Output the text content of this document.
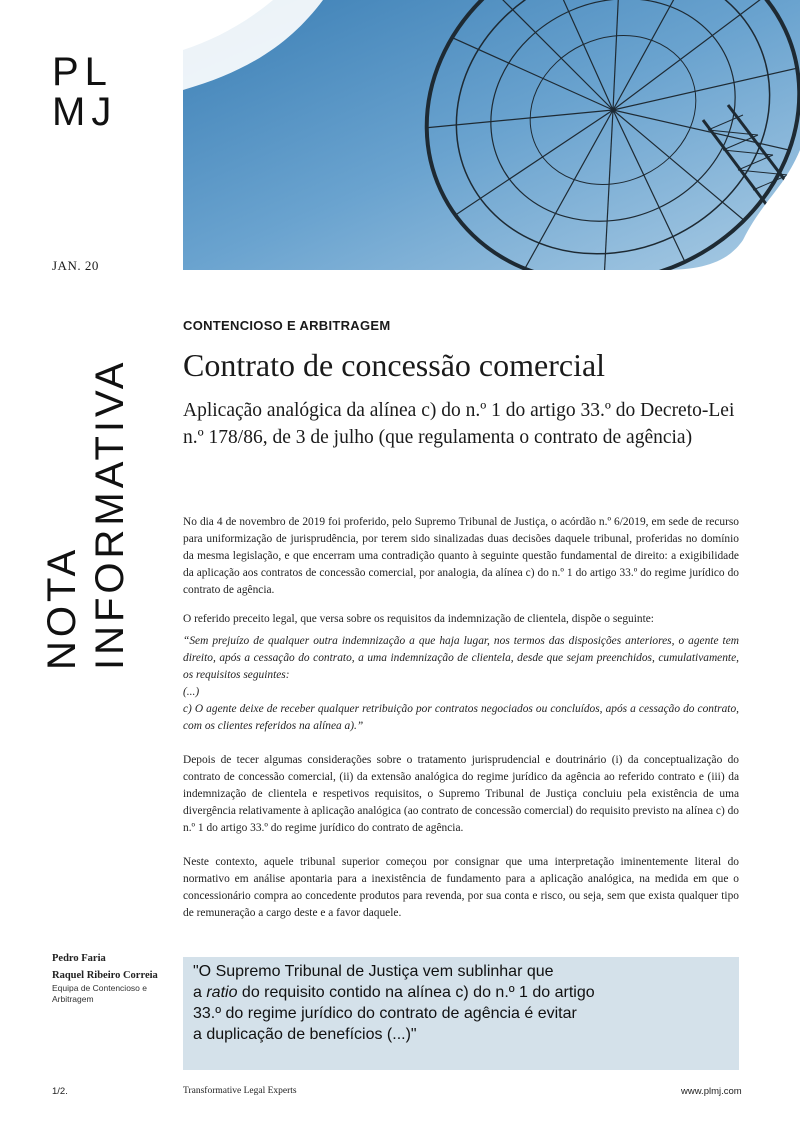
PL
MJ
JAN. 20
NOTA INFORMATIVA
CONTENCIOSO E ARBITRAGEM
Contrato de concessão comercial
Aplicação analógica da alínea c) do n.º 1 do artigo 33.º do Decreto-Lei n.º 178/86, de 3 de julho (que regulamenta o contrato de agência)

No dia 4 de novembro de 2019 foi proferido, pelo Supremo Tribunal de Justiça, o acórdão n.º 6/2019, em sede de recurso para uniformização de jurisprudência, por terem sido sinalizadas duas decisões daquele tribunal, proferidas no domínio da mesma legislação, e que encerram uma contradição quanto à seguinte questão fundamental de direito: a exigibilidade da aplicação aos contratos de concessão comercial, por analogia, da alínea c) do n.º 1 do artigo 33.º do regime jurídico do contrato de agência.

O referido preceito legal, que versa sobre os requisitos da indemnização de clientela, dispõe o seguinte:

“Sem prejuízo de qualquer outra indemnização a que haja lugar, nos termos das disposições anteriores, o agente tem direito, após a cessação do contrato, a uma indemnização de clientela, desde que sejam preenchidos, cumulativamente, os requisitos seguintes:

(...)

c) O agente deixe de receber qualquer retribuição por contratos negociados ou concluídos, após a cessação do contrato, com os clientes referidos na alínea a).”

Depois de tecer algumas considerações sobre o tratamento jurisprudencial e doutrinário (i) da conceptualização do contrato de concessão comercial, (ii) da extensão analógica do regime jurídico da agência ao referido contrato e (iii) da indemnização de clientela e respetivos requisitos, o Supremo Tribunal de Justiça concluiu pela existência de uma divergência relativamente à aplicação analógica (ao contrato de concessão comercial) do requisito previsto na alínea c) do n.º 1 do artigo 33.º do regime jurídico do contrato de agência.

Neste contexto, aquele tribunal superior começou por consignar que uma interpretação iminentemente literal do normativo em análise apontaria para a inexistência de fundamento para a aplicação analógica, na medida em que o concessionário compra ao concedente produtos para revenda, por sua conta e risco, ou seja, sem que exista qualquer tipo de remuneração a cargo deste e a favor daquele.

Pedro Faria
Raquel Ribeiro Correia
Equipa de Contencioso e Arbitragem
"O Supremo Tribunal de Justiça vem sublinhar que
a ratio do requisito contido na alínea c) do n.º 1 do artigo
33.º do regime jurídico do contrato de agência é evitar
a duplicação de benefícios (...)"
1/2.	Transformative Legal Experts	www.plmj.com
